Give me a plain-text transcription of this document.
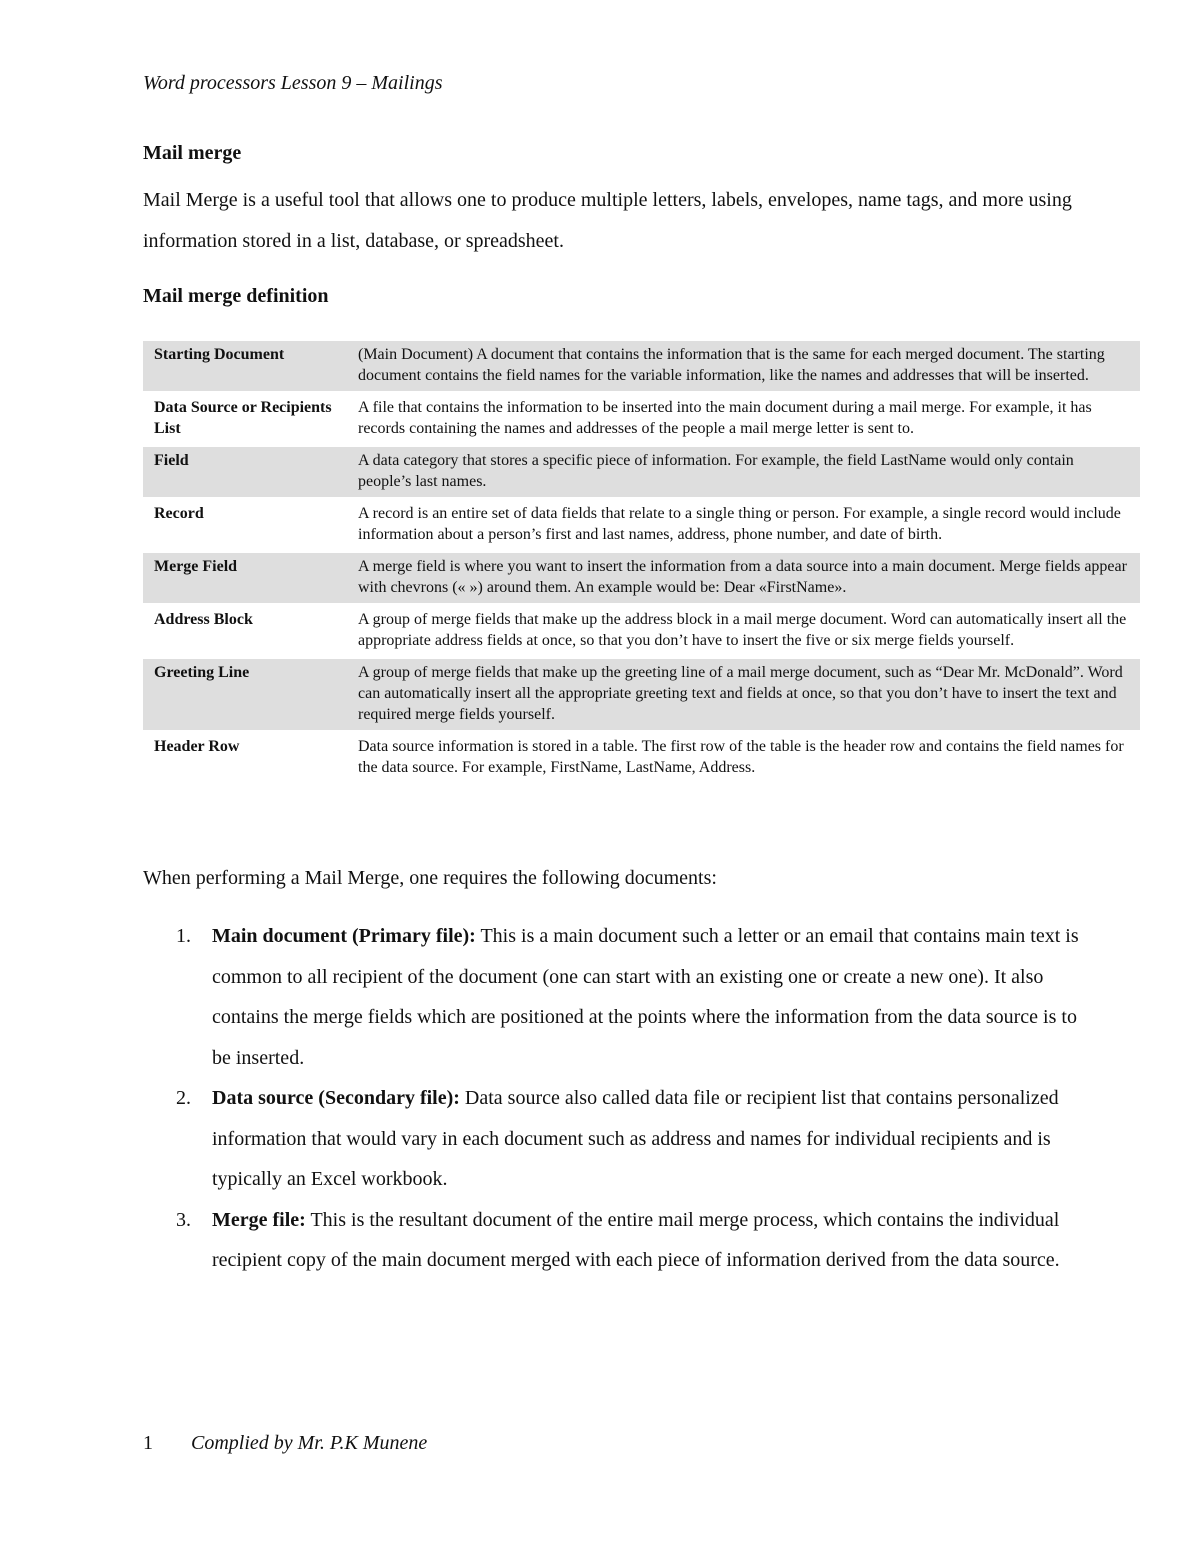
Word processors Lesson 9 – Mailings
Mail merge
Mail Merge is a useful tool that allows one to produce multiple letters, labels, envelopes, name tags, and more using information stored in a list, database, or spreadsheet.
Mail merge definition
Starting Document	(Main Document) A document that contains the information that is the same for each merged document. The starting document contains the field names for the variable information, like the names and addresses that will be inserted.
Data Source or Recipients List	A file that contains the information to be inserted into the main document during a mail merge. For example, it has records containing the names and addresses of the people a mail merge letter is sent to.
Field	A data category that stores a specific piece of information. For example, the field LastName would only contain people’s last names.
Record	A record is an entire set of data fields that relate to a single thing or person. For example, a single record would include information about a person’s first and last names, address, phone number, and date of birth.
Merge Field	A merge field is where you want to insert the information from a data source into a main document. Merge fields appear with chevrons (« ») around them. An example would be: Dear «FirstName».
Address Block	A group of merge fields that make up the address block in a mail merge document. Word can automatically insert all the appropriate address fields at once, so that you don’t have to insert the five or six merge fields yourself.
Greeting Line	A group of merge fields that make up the greeting line of a mail merge document, such as “Dear Mr. McDonald”. Word can automatically insert all the appropriate greeting text and fields at once, so that you don’t have to insert the text and required merge fields yourself.
Header Row	Data source information is stored in a table. The first row of the table is the header row and contains the field names for the data source. For example, FirstName, LastName, Address.
When performing a Mail Merge, one requires the following documents:
1. Main document (Primary file): This is a main document such a letter or an email that contains main text is common to all recipient of the document (one can start with an existing one or create a new one). It also contains the merge fields which are positioned at the points where the information from the data source is to be inserted.
2. Data source (Secondary file): Data source also called data file or recipient list that contains personalized information that would vary in each document such as address and names for individual recipients and is typically an Excel workbook.
3. Merge file: This is the resultant document of the entire mail merge process, which contains the individual recipient copy of the main document merged with each piece of information derived from the data source.
1 Complied by Mr. P.K Munene
